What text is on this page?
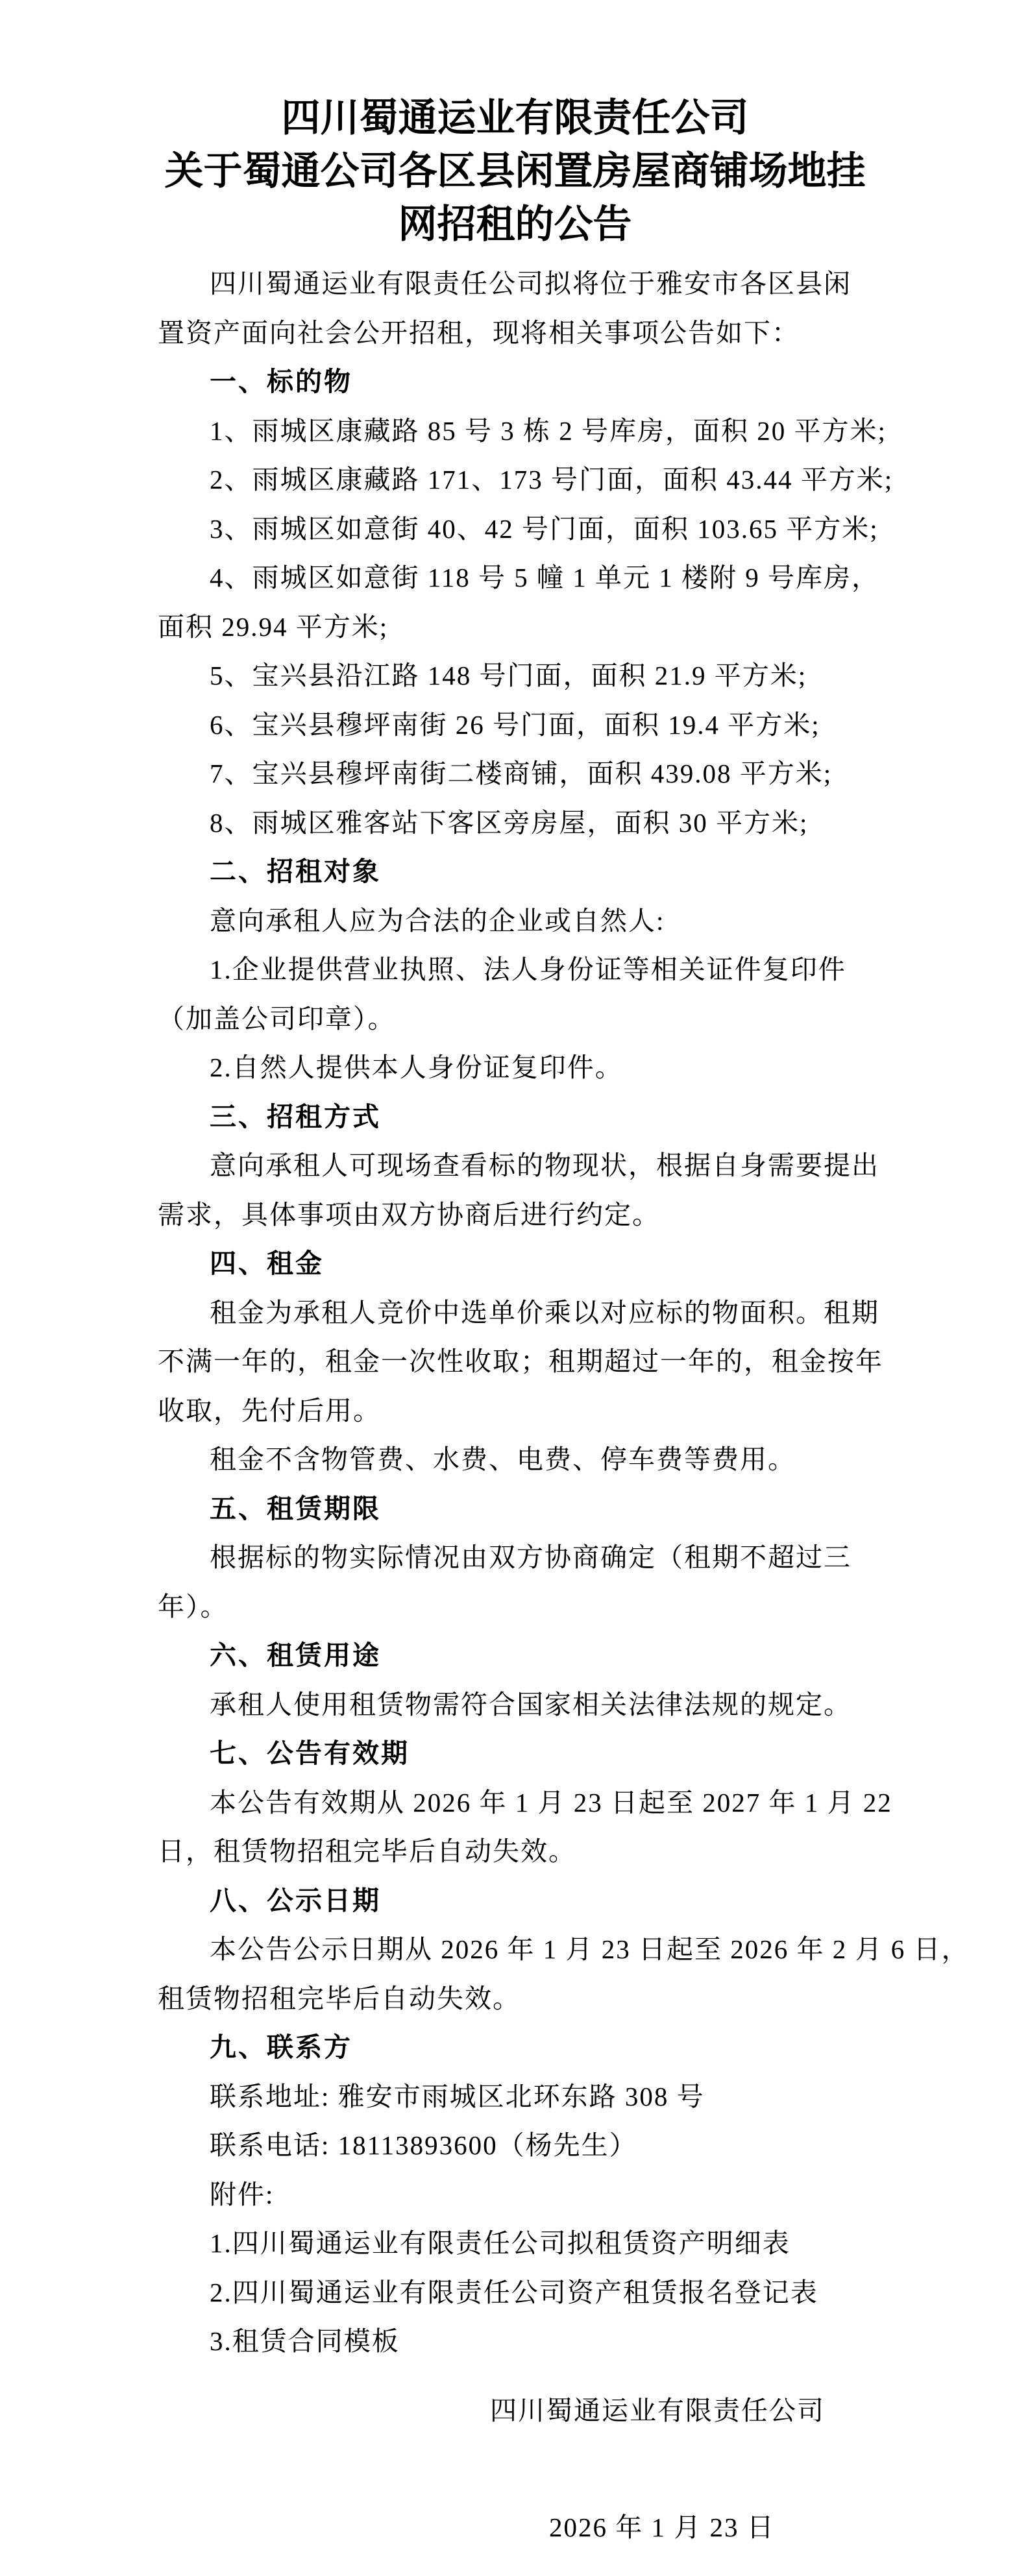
四川蜀通运业有限责任公司
关于蜀通公司各区县闲置房屋商铺场地挂
网招租的公告
四川蜀通运业有限责任公司拟将位于雅安市各区县闲
置资产面向社会公开招租，现将相关事项公告如下：
一、标的物
1、雨城区康藏路 85 号 3 栋 2 号库房，面积 20 平方米;
2、雨城区康藏路 171、173 号门面，面积 43.44 平方米;
3、雨城区如意街 40、42 号门面，面积 103.65 平方米;
4、雨城区如意街 118 号 5 幢 1 单元 1 楼附 9 号库房，
面积 29.94 平方米;
5、宝兴县沿江路 148 号门面，面积 21.9 平方米;
6、宝兴县穆坪南街 26 号门面，面积 19.4 平方米;
7、宝兴县穆坪南街二楼商铺，面积 439.08 平方米;
8、雨城区雅客站下客区旁房屋，面积 30 平方米;
二、招租对象
意向承租人应为合法的企业或自然人:
1.企业提供营业执照、法人身份证等相关证件复印件
（加盖公司印章）。
2.自然人提供本人身份证复印件。
三、招租方式
意向承租人可现场查看标的物现状，根据自身需要提出
需求，具体事项由双方协商后进行约定。
四、租金
租金为承租人竞价中选单价乘以对应标的物面积。租期
不满一年的，租金一次性收取；租期超过一年的，租金按年
收取，先付后用。
租金不含物管费、水费、电费、停车费等费用。
五、租赁期限
根据标的物实际情况由双方协商确定（租期不超过三
年）。
六、租赁用途
承租人使用租赁物需符合国家相关法律法规的规定。
七、公告有效期
本公告有效期从 2026 年 1 月 23 日起至 2027 年 1 月 22
日，租赁物招租完毕后自动失效。
八、公示日期
本公告公示日期从 2026 年 1 月 23 日起至 2026 年 2 月 6 日，
租赁物招租完毕后自动失效。
九、联系方
联系地址: 雅安市雨城区北环东路 308 号
联系电话: 18113893600（杨先生）
附件:
1.四川蜀通运业有限责任公司拟租赁资产明细表
2.四川蜀通运业有限责任公司资产租赁报名登记表
3.租赁合同模板
四川蜀通运业有限责任公司
2026 年 1 月 23 日
